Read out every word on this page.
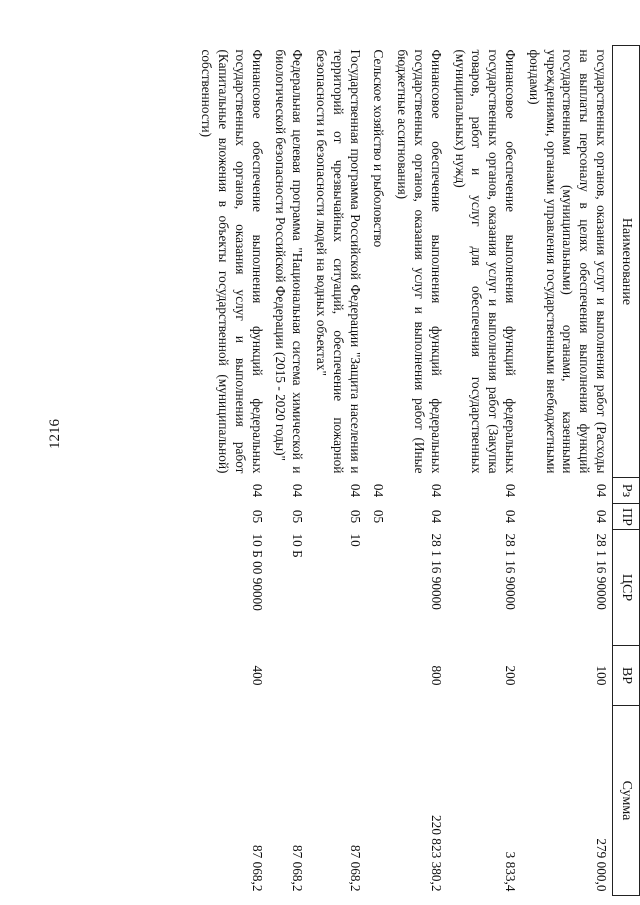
1216
Наименование	Рз	ПР	ЦСР	ВР	Сумма
государственных органов, оказания услуг и выполнения работ (Расходы на выплаты персоналу в целях обеспечения выполнения функций государственными (муниципальными) органами, казенными учреждениями, органами управления государственными внебюджетными фондами)	04	04	28 1 16 90000	100	279 000,0
Финансовое обеспечение выполнения функций федеральных государственных органов, оказания услуг и выполнения работ (Закупка товаров, работ и услуг для обеспечения государственных (муниципальных) нужд)	04	04	28 1 16 90000	200	3 833,4
Финансовое обеспечение выполнения функций федеральных государственных органов, оказания услуг и выполнения работ (Иные бюджетные ассигнования)	04	04	28 1 16 90000	800	220 823 380,2
Сельское хозяйство и рыболовство	04	05			
Государственная программа Российской Федерации "Защита населения и территорий от чрезвычайных ситуаций, обеспечение пожарной безопасности и безопасности людей на водных объектах"	04	05	10		87 068,2
Федеральная целевая программа "Национальная система химической и биологической безопасности Российской Федерации (2015 - 2020 годы)"	04	05	10 Б		87 068,2
Финансовое обеспечение выполнения функций федеральных государственных органов, оказания услуг и выполнения работ (Капитальные вложения в объекты государственной (муниципальной) собственности)	04	05	10 Б 00 90000	400	87 068,2
